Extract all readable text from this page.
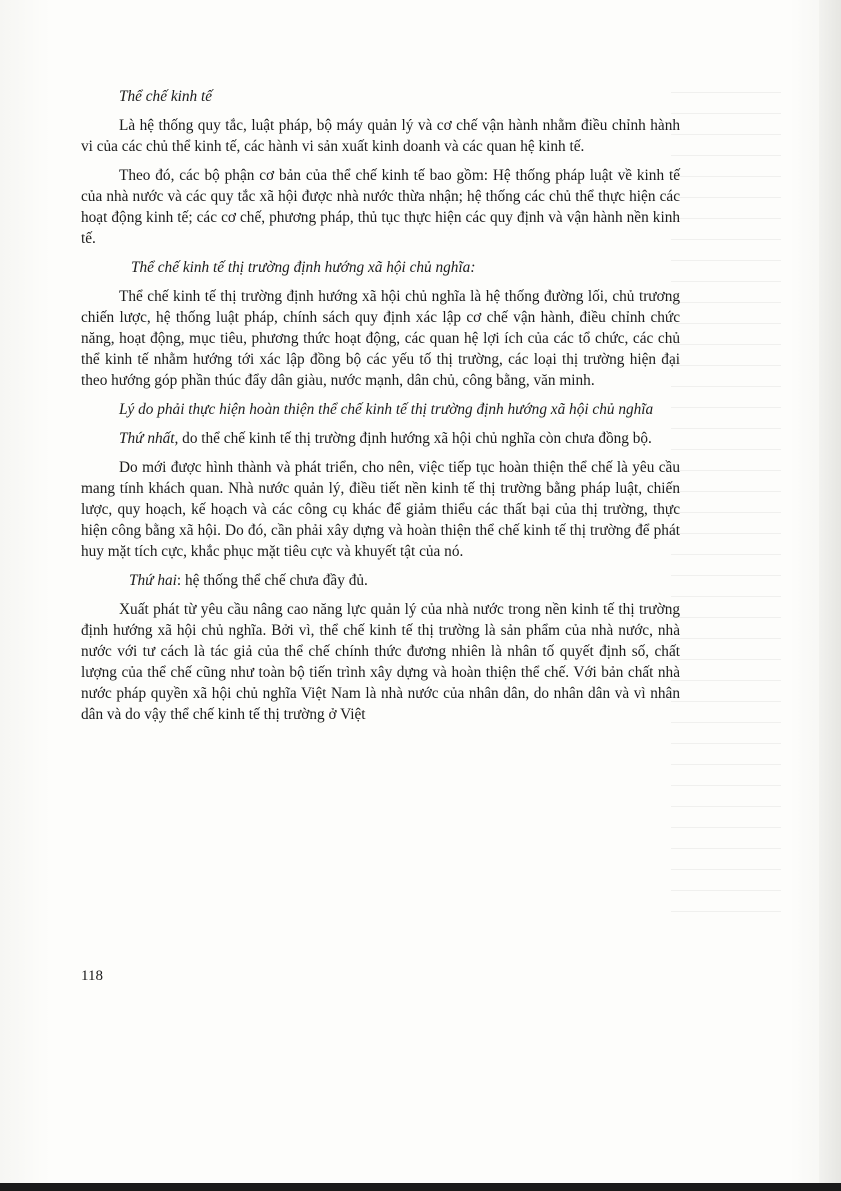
Thể chế kinh tế

Là hệ thống quy tắc, luật pháp, bộ máy quản lý và cơ chế vận hành nhằm điều chỉnh hành vi của các chủ thể kinh tế, các hành vi sản xuất kinh doanh và các quan hệ kinh tế.

Theo đó, các bộ phận cơ bản của thể chế kinh tế bao gồm: Hệ thống pháp luật về kinh tế của nhà nước và các quy tắc xã hội được nhà nước thừa nhận; hệ thống các chủ thể thực hiện các hoạt động kinh tế; các cơ chế, phương pháp, thủ tục thực hiện các quy định và vận hành nền kinh tế.

Thể chế kinh tế thị trường định hướng xã hội chủ nghĩa:

Thể chế kinh tế thị trường định hướng xã hội chủ nghĩa là hệ thống đường lối, chủ trương chiến lược, hệ thống luật pháp, chính sách quy định xác lập cơ chế vận hành, điều chỉnh chức năng, hoạt động, mục tiêu, phương thức hoạt động, các quan hệ lợi ích của các tổ chức, các chủ thể kinh tế nhằm hướng tới xác lập đồng bộ các yếu tố thị trường, các loại thị trường hiện đại theo hướng góp phần thúc đẩy dân giàu, nước mạnh, dân chủ, công bằng, văn minh.

Lý do phải thực hiện hoàn thiện thể chế kinh tế thị trường định hướng xã hội chủ nghĩa

Thứ nhất, do thể chế kinh tế thị trường định hướng xã hội chủ nghĩa còn chưa đồng bộ.

Do mới được hình thành và phát triển, cho nên, việc tiếp tục hoàn thiện thể chế là yêu cầu mang tính khách quan. Nhà nước quản lý, điều tiết nền kinh tế thị trường bằng pháp luật, chiến lược, quy hoạch, kế hoạch và các công cụ khác để giảm thiểu các thất bại của thị trường, thực hiện công bằng xã hội. Do đó, cần phải xây dựng và hoàn thiện thể chế kinh tế thị trường để phát huy mặt tích cực, khắc phục mặt tiêu cực và khuyết tật của nó.

Thứ hai: hệ thống thể chế chưa đầy đủ.

Xuất phát từ yêu cầu nâng cao năng lực quản lý của nhà nước trong nền kinh tế thị trường định hướng xã hội chủ nghĩa. Bởi vì, thể chế kinh tế thị trường là sản phẩm của nhà nước, nhà nước với tư cách là tác giả của thể chế chính thức đương nhiên là nhân tố quyết định số, chất lượng của thể chế cũng như toàn bộ tiến trình xây dựng và hoàn thiện thể chế. Với bản chất nhà nước pháp quyền xã hội chủ nghĩa Việt Nam là nhà nước của nhân dân, do nhân dân và vì nhân dân và do vậy thể chế kinh tế thị trường ở Việt

118
